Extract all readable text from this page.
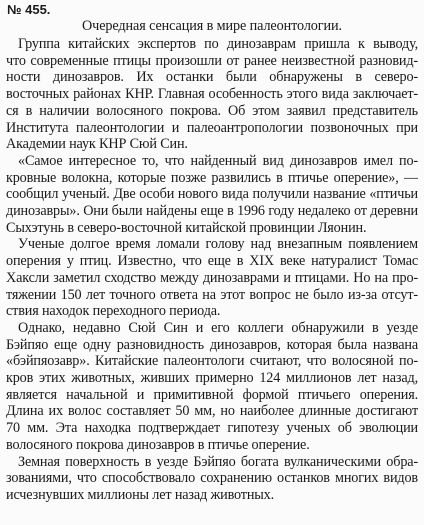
№ 455.
Очередная сенсация в мире палеонтологии.
Группа китайских экспертов по динозаврам пришла к выводу,
что современные птицы произошли от ранее неизвестной разновид-
ности динозавров. Их останки были обнаружены в северо-
восточных районах КНР. Главная особенность этого вида заключает-
ся в наличии волосяного покрова. Об этом заявил представитель
Института палеонтологии и палеоантропологии позвоночных при
Академии наук КНР Сюй Син.
«Самое интересное то, что найденный вид динозавров имел по-
кровные волокна, которые позже развились в птичье оперение», —
сообщил ученый. Две особи нового вида получили название «птичьи
динозавры». Они были найдены еще в 1996 году недалеко от деревни
Сыхэтунь в северо-восточной китайской провинции Ляонин.
Ученые долгое время ломали голову над внезапным появлением
оперения у птиц. Известно, что еще в XIX веке натуралист Томас
Хаксли заметил сходство между динозаврами и птицами. Но на про-
тяжении 150 лет точного ответа на этот вопрос не было из-за отсут-
ствия находок переходного периода.
Однако, недавно Сюй Син и его коллеги обнаружили в уезде
Бэйпяо еще одну разновидность динозавров, которая была названа
«бэйпяозавр». Китайские палеонтологи считают, что волосяной по-
кров этих животных, живших примерно 124 миллионов лет назад,
является начальной и примитивной формой птичьего оперения.
Длина их волос составляет 50 мм, но наиболее длинные достигают
70 мм. Эта находка подтверждает гипотезу ученых об эволюции
волосяного покрова динозавров в птичье оперение.
Земная поверхность в уезде Бэйпяо богата вулканическими обра-
зованиями, что способствовало сохранению останков многих видов
исчезнувших миллионы лет назад животных.
